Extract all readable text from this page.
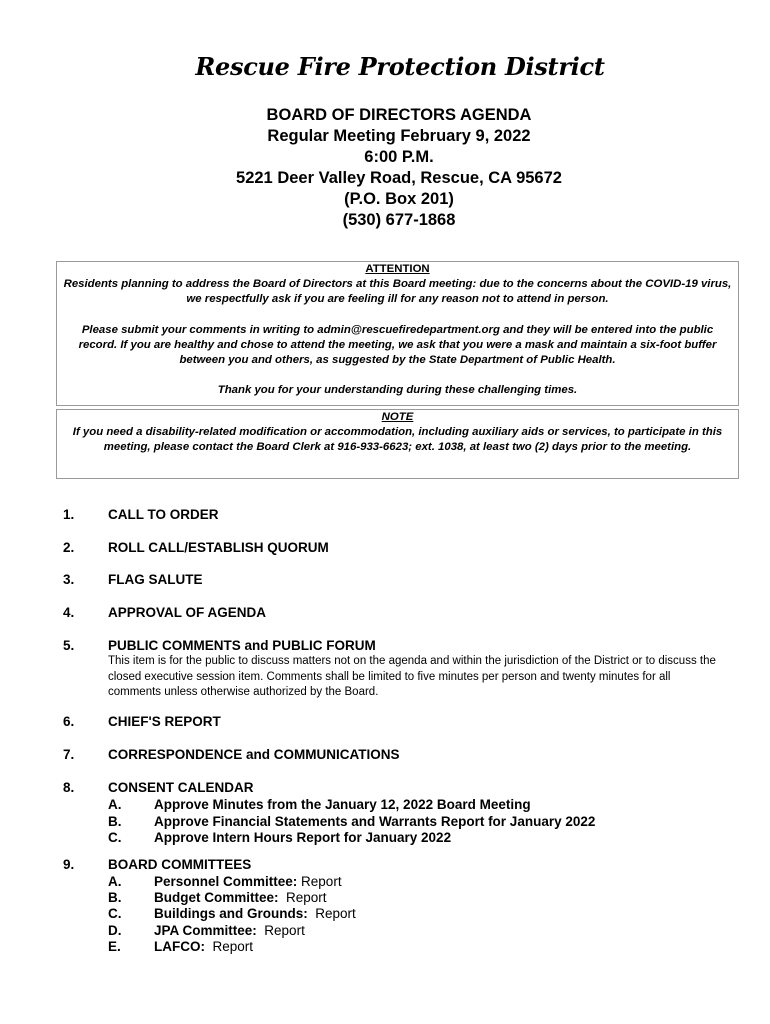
Rescue Fire Protection District
BOARD OF DIRECTORS AGENDA
Regular Meeting February 9, 2022
6:00 P.M.
5221 Deer Valley Road, Rescue, CA 95672
(P.O. Box 201)
(530) 677-1868

ATTENTION

Residents planning to address the Board of Directors at this Board meeting: due to the concerns about the COVID-19 virus, we respectfully ask if you are feeling ill for any reason not to attend in person.

Please submit your comments in writing to admin@rescuefiredepartment.org and they will be entered into the public record. If you are healthy and chose to attend the meeting, we ask that you were a mask and maintain a six-foot buffer between you and others, as suggested by the State Department of Public Health.

Thank you for your understanding during these challenging times.

NOTE

If you need a disability-related modification or accommodation, including auxiliary aids or services, to participate in this meeting, please contact the Board Clerk at 916-933-6623; ext. 1038, at least two (2) days prior to the meeting.

1. CALL TO ORDER
2. ROLL CALL/ESTABLISH QUORUM
3. FLAG SALUTE
4. APPROVAL OF AGENDA
5. PUBLIC COMMENTS and PUBLIC FORUM
This item is for the public to discuss matters not on the agenda and within the jurisdiction of the District or to discuss the closed executive session item. Comments shall be limited to five minutes per person and twenty minutes for all comments unless otherwise authorized by the Board.
6. CHIEF'S REPORT
7. CORRESPONDENCE and COMMUNICATIONS
8. CONSENT CALENDAR
A. Approve Minutes from the January 12, 2022 Board Meeting
B. Approve Financial Statements and Warrants Report for January 2022
C. Approve Intern Hours Report for January 2022
9. BOARD COMMITTEES
A. Personnel Committee: Report
B. Budget Committee: Report
C. Buildings and Grounds: Report
D. JPA Committee: Report
E. LAFCO: Report
